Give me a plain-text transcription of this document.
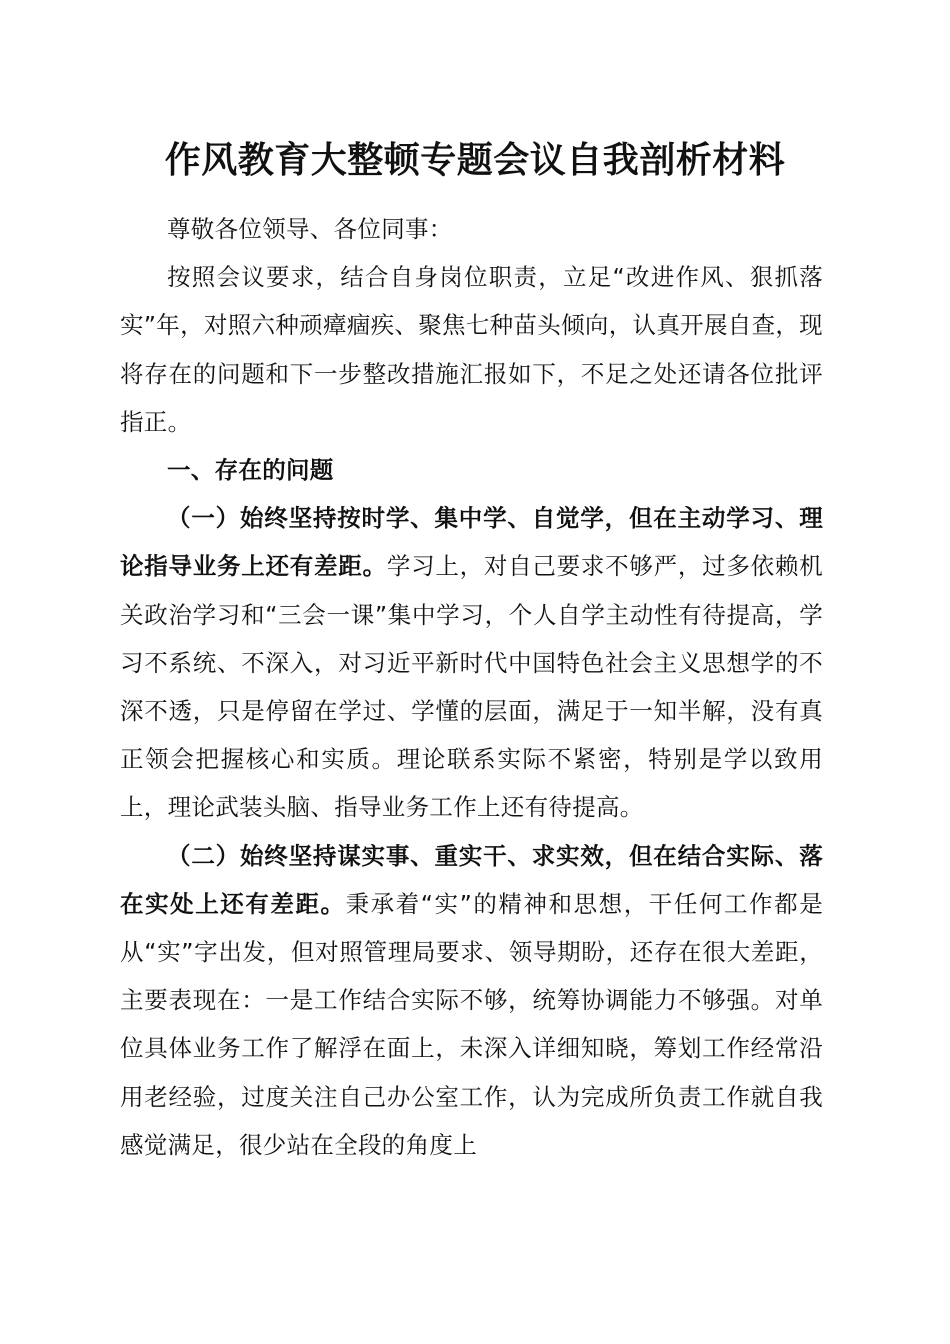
作风教育大整顿专题会议自我剖析材料

尊敬各位领导、各位同事：

按照会议要求，结合自身岗位职责，立足“改进作风、狠抓落实”年，对照六种顽瘴痼疾、聚焦七种苗头倾向，认真开展自查，现将存在的问题和下一步整改措施汇报如下，不足之处还请各位批评指正。

一、存在的问题

（一）始终坚持按时学、集中学、自觉学，但在主动学习、理论指导业务上还有差距。学习上，对自己要求不够严，过多依赖机关政治学习和“三会一课”集中学习，个人自学主动性有待提高，学习不系统、不深入，对习近平新时代中国特色社会主义思想学的不深不透，只是停留在学过、学懂的层面，满足于一知半解，没有真正领会把握核心和实质。理论联系实际不紧密，特别是学以致用上，理论武装头脑、指导业务工作上还有待提高。

（二）始终坚持谋实事、重实干、求实效，但在结合实际、落在实处上还有差距。秉承着“实”的精神和思想，干任何工作都是从“实”字出发，但对照管理局要求、领导期盼，还存在很大差距，主要表现在：一是工作结合实际不够，统筹协调能力不够强。对单位具体业务工作了解浮在面上，未深入详细知晓，筹划工作经常沿用老经验，过度关注自己办公室工作，认为完成所负责工作就自我感觉满足，很少站在全段的角度上
